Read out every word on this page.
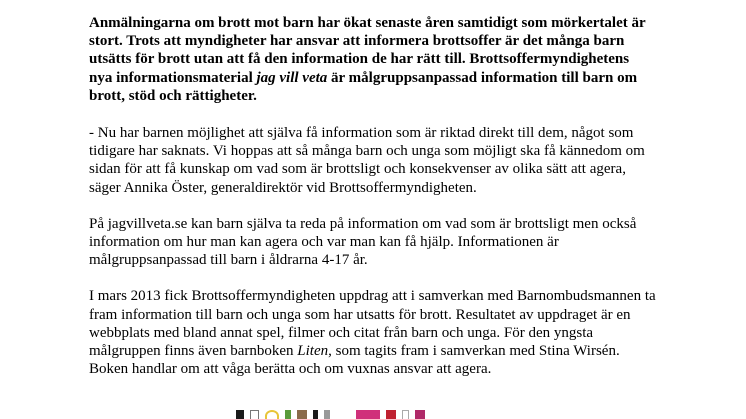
Anmälningarna om brott mot barn har ökat senaste åren samtidigt som mörkertalet är
stort. Trots att myndigheter har ansvar att informera brottsoffer är det många barn
utsätts för brott utan att få den information de har rätt till. Brottsoffermyndighetens
nya informationsmaterial jag vill veta är målgruppsanpassad information till barn om
brott, stöd och rättigheter.

- Nu har barnen möjlighet att själva få information som är riktad direkt till dem, något som
tidigare har saknats. Vi hoppas att så många barn och unga som möjligt ska få kännedom om
sidan för att få kunskap om vad som är brottsligt och konsekvenser av olika sätt att agera,
säger Annika Öster, generaldirektör vid Brottsoffermyndigheten.

På jagvillveta.se kan barn själva ta reda på information om vad som är brottsligt men också
information om hur man kan agera och var man kan få hjälp. Informationen är
målgruppsanpassad till barn i åldrarna 4-17 år.

I mars 2013 fick Brottsoffermyndigheten uppdrag att i samverkan med Barnombudsmannen ta
fram information till barn och unga som har utsatts för brott. Resultatet av uppdraget är en
webbplats med bland annat spel, filmer och citat från barn och unga. För den yngsta
målgruppen finns även barnboken Liten, som tagits fram i samverkan med Stina Wirsén.
Boken handlar om att våga berätta och om vuxnas ansvar att agera.
